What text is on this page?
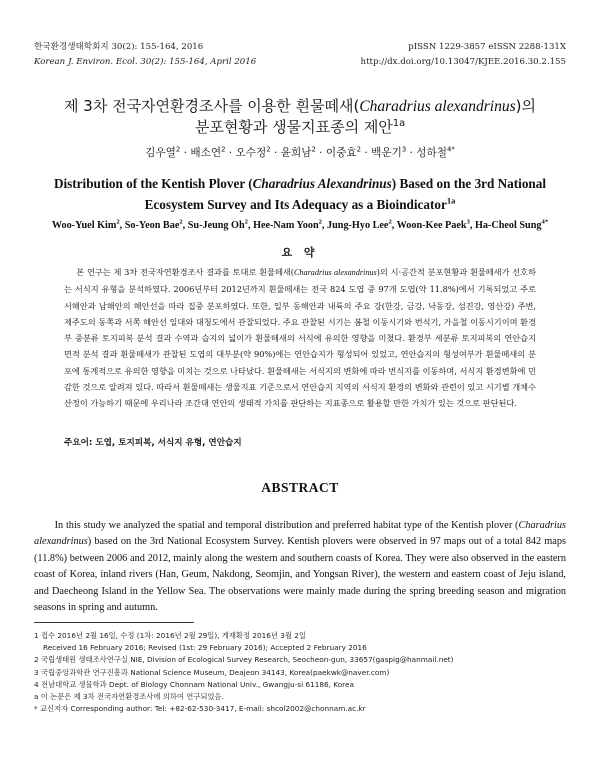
한국환경생태학회지 30(2): 155-164, 2016
Korean J. Environ. Ecol. 30(2): 155-164, April 2016
pISSN 1229-3857 eISSN 2288-131X
http://dx.doi.org/10.13047/KJEE.2016.30.2.155
제 3차 전국자연환경조사를 이용한 흰물떼새(Charadrius alexandrinus)의
분포현황과 생물지표종의 제안$^{1a}$
김우열$^2$ · 배소연$^2$ · 오수정$^2$ · 윤희남$^2$ · 이중효$^2$ · 백운기$^3$ · 성하철$^{4*}$
Distribution of the Kentish Plover (Charadrius Alexandrinus) Based on the 3rd National
Ecosystem Survey and Its Adequacy as a Bioindicator$^{1a}$
Woo-Yuel Kim$^2$, So-Yeon Bae$^2$, Su-Jeung Oh$^2$, Hee-Nam Yoon$^2$, Jung-Hyo Lee$^2$, Woon-Kee Paek$^3$, Ha-Cheol Sung$^{4*}$
요 약

본 연구는 제 3차 전국자연환경조사 결과를 토대로 흰물떼새(Charadrius alexandrinus)의 시·공간적 분포현황과 흰물떼새가 선호하는 서식지 유형을 분석하였다. 2006년부터 2012년까지 흰물떼새는 전국 824 도엽 중 97개 도엽(약 11.8%)에서 기록되었고 주로 서해안과 남해안의 해안선을 따라 집중 분포하였다. 또한, 일부 동해안과 내륙의 주요 강(한강, 금강, 낙동강, 섬진강, 영산강) 주변, 제주도의 동쪽과 서쪽 해안선 일대와 대청도에서 관찰되었다. 주요 관찰된 시기는 봄철 이동시기와 번식기, 가을철 이동시기이며 환경부 중분류 토지피복 분석 결과 수역과 습지의 넓이가 흰물떼새의 서식에 유의한 영향을 미쳤다. 환경부 세분류 토지피복의 연안습지 면적 분석 결과 흰물떼새가 관찰된 도엽의 대부분(약 90%)에는 연안습지가 형성되어 있었고, 연안습지의 형성여부가 흰물떼새의 분포에 통계적으로 유의한 영향을 미치는 것으로 나타났다. 흰물떼새는 서식지의 변화에 따라 번식지를 이동하며, 서식지 환경변화에 민감한 것으로 알려져 있다. 따라서 흰물떼새는 생물지표 기준으로서 연안습지 지역의 서식지 환경의 변화와 관련이 있고 시기별 개체수 산정이 가능하기 때문에 우리나라 조간대 연안의 생태적 가치를 판단하는 지표종으로 활용할 만한 가치가 있는 것으로 판단된다.

주요어: 도엽, 토지피복, 서식지 유형, 연안습지
ABSTRACT

In this study we analyzed the spatial and temporal distribution and preferred habitat type of the Kentish plover (Charadrius alexandrinus) based on the 3rd National Ecosystem Survey. Kentish plovers were observed in 97 maps out of a total 842 maps (11.8%) between 2006 and 2012, mainly along the western and southern coasts of Korea. They were also observed in the eastern coast of Korea, inland rivers (Han, Geum, Nakdong, Seomjin, and Yongsan River), the western and eastern coast of Jeju island, and Daecheong Island in the Yellow Sea. The observations were mainly made during the spring breeding season and migration seasons in spring and autumn.

1 접수 2016년 2월 16일, 수정 (1차: 2016년 2월 29일), 게재확정 2016년 3월 2일
Received 16 February 2016; Revised (1st: 29 February 2016); Accepted 2 February 2016
2 국립생태원 생태조사연구실 NIE, Division of Ecological Survey Research, Seocheon-gun, 33657(gaspig@hanmail.net)
3 국립중앙과학관 연구진흥과 National Science Museum, Deajeon 34143, Korea(paekwk@naver.com)
4 전남대학교 생물학과 Dept. of Biology Chonnam National Univ., Gwangju-si 61186, Korea
a 이 논문은 제 3차 전국자연환경조사에 의하여 연구되었음.
* 교신저자 Corresponding author: Tel: +82-62-530-3417, E-mail: shcol2002@chonnam.ac.kr
